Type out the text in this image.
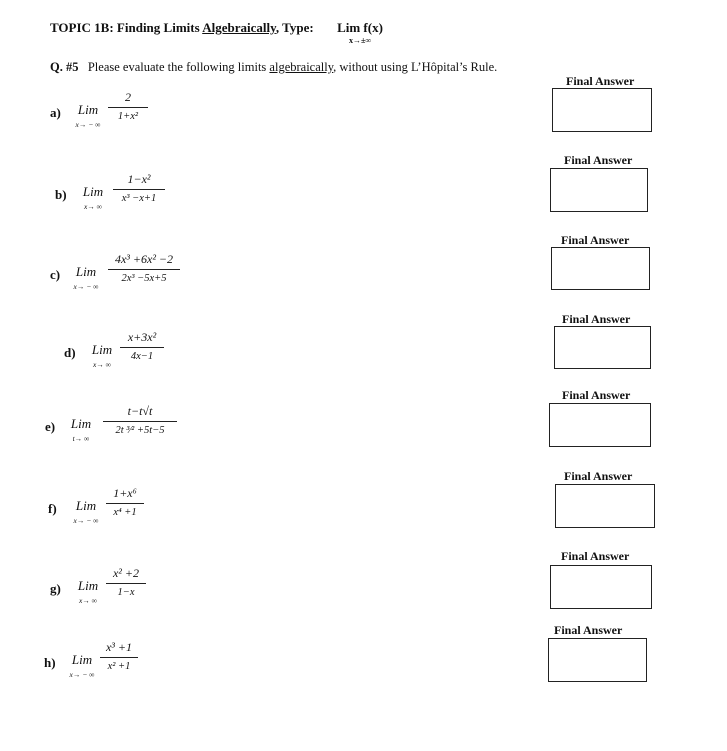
TOPIC 1B: Finding Limits Algebraically, Type:	Lim f(x)
x→±∞
Q. #5 Please evaluate the following limits algebraically, without using L’Hôpital’s Rule.
a)	Lim
x→ − ∞
2
1+x²
b)	Lim
x→ ∞
1−x²
x³ −x+1
c)	Lim
x→ − ∞
4x³ +6x² −2
2x³ −5x+5
d)	Lim
x→ ∞
x+3x²
4x−1
e)	Lim
t→ ∞
t−t√t
2t ³⁄² +5t−5
f)	Lim
x→ − ∞
1+x⁶
x⁴ +1
g)	Lim
x→ ∞
x² +2
1−x
h)	Lim
x→ − ∞
x³ +1
x² +1
Final Answer
Final Answer
Final Answer
Final Answer
Final Answer
Final Answer
Final Answer
Final Answer
